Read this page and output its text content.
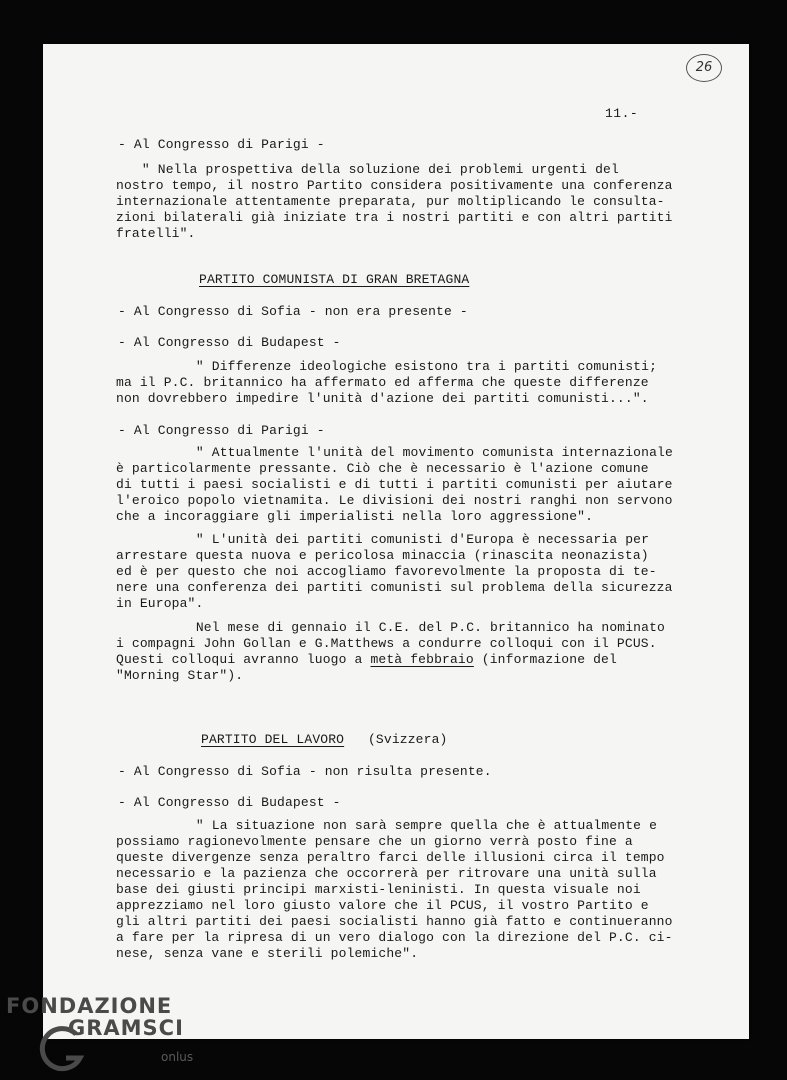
26
11.-

- Al Congresso di Parigi -

" Nella prospettiva della soluzione dei problemi urgenti del

nostro tempo, il nostro Partito considera positivamente una conferenza

internazionale attentamente preparata, pur moltiplicando le consulta-

zioni bilaterali già iniziate tra i nostri partiti e con altri partiti

fratelli".

PARTITO COMUNISTA DI GRAN BRETAGNA

- Al Congresso di Sofia - non era presente -

- Al Congresso di Budapest -

" Differenze ideologiche esistono tra i partiti comunisti;

ma il P.C. britannico ha affermato ed afferma che queste differenze

non dovrebbero impedire l'unità d'azione dei partiti comunisti...".

- Al Congresso di Parigi -

" Attualmente l'unità del movimento comunista internazionale

è particolarmente pressante. Ciò che è necessario è l'azione comune

di tutti i paesi socialisti e di tutti i partiti comunisti per aiutare

l'eroico popolo vietnamita. Le divisioni dei nostri ranghi non servono

che a incoraggiare gli imperialisti nella loro aggressione".

" L'unità dei partiti comunisti d'Europa è necessaria per

arrestare questa nuova e pericolosa minaccia (rinascita neonazista)

ed è per questo che noi accogliamo favorevolmente la proposta di te-

nere una conferenza dei partiti comunisti sul problema della sicurezza

in Europa".

Nel mese di gennaio il C.E. del P.C. britannico ha nominato

i compagni John Gollan e G.Matthews a condurre colloqui con il PCUS.

Questi colloqui avranno luogo a metà febbraio (informazione del

"Morning Star").

PARTITO DEL LAVORO   (Svizzera)

- Al Congresso di Sofia - non risulta presente.

- Al Congresso di Budapest -

" La situazione non sarà sempre quella che è attualmente e

possiamo ragionevolmente pensare che un giorno verrà posto fine a

queste divergenze senza peraltro farci delle illusioni circa il tempo

necessario e la pazienza che occorrerà per ritrovare una unità sulla

base dei giusti principi marxisti-leninisti. In questa visuale noi

apprezziamo nel loro giusto valore che il PCUS, il vostro Partito e

gli altri partiti dei paesi socialisti hanno già fatto e continueranno

a fare per la ripresa di un vero dialogo con la direzione del P.C. ci-

nese, senza vane e sterili polemiche".

FONDAZIONE
GRAMSCI
onlus
